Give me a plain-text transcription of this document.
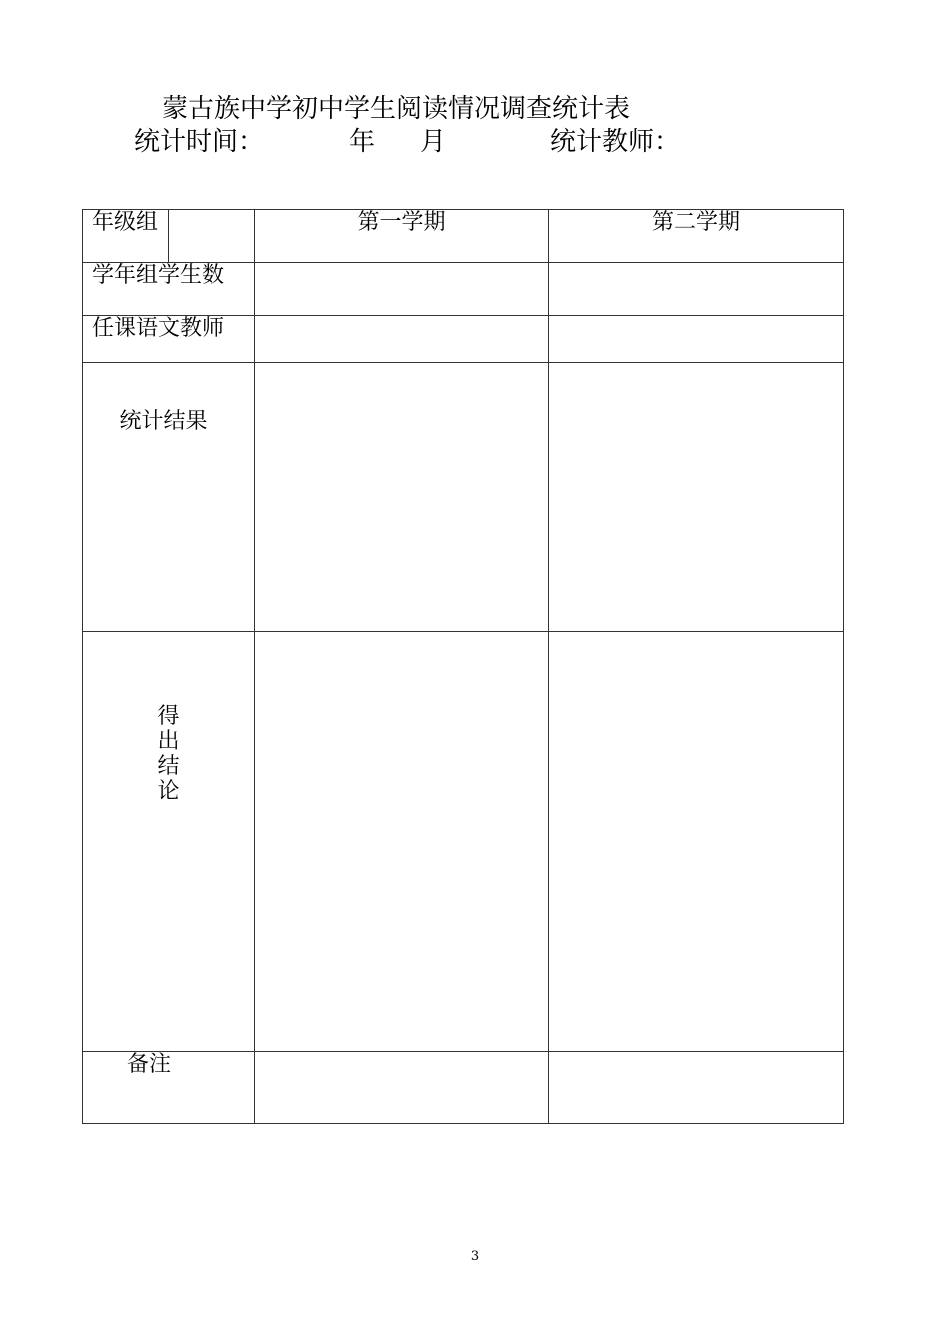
蒙古族中学初中学生阅读情况调查统计表
统计时间：	年 月	统计教师：
年级组		第一学期	第二学期

学年组学生数			

任课语文教师			

统计结果			

得出结论			

备注			

3
